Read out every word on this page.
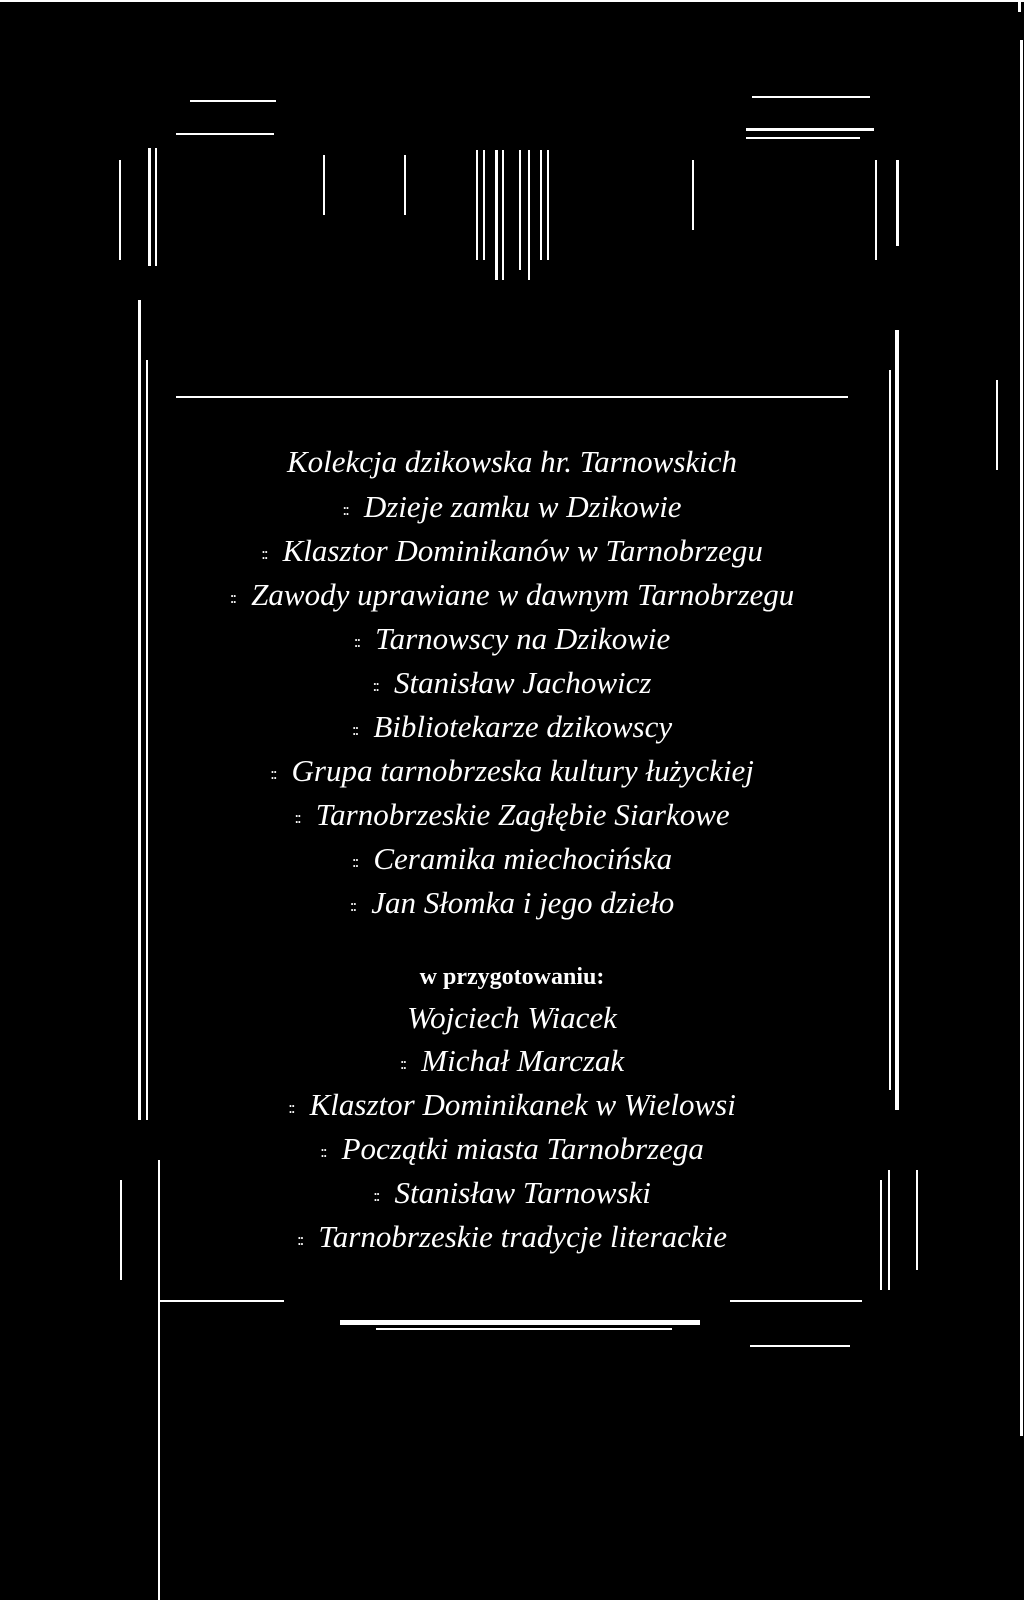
Kolekcja dzikowska hr. Tarnowskich
:: Dzieje zamku w Dzikowie
:: Klasztor Dominikanów w Tarnobrzegu
:: Zawody uprawiane w dawnym Tarnobrzegu
:: Tarnowscy na Dzikowie
:: Stanisław Jachowicz
:: Bibliotekarze dzikowscy
:: Grupa tarnobrzeska kultury łużyckiej
:: Tarnobrzeskie Zagłębie Siarkowe
:: Ceramika miechocińska
:: Jan Słomka i jego dzieło
w przygotowaniu:
Wojciech Wiacek
:: Michał Marczak
:: Klasztor Dominikanek w Wielowsi
:: Początki miasta Tarnobrzega
:: Stanisław Tarnowski
:: Tarnobrzeskie tradycje literackie
